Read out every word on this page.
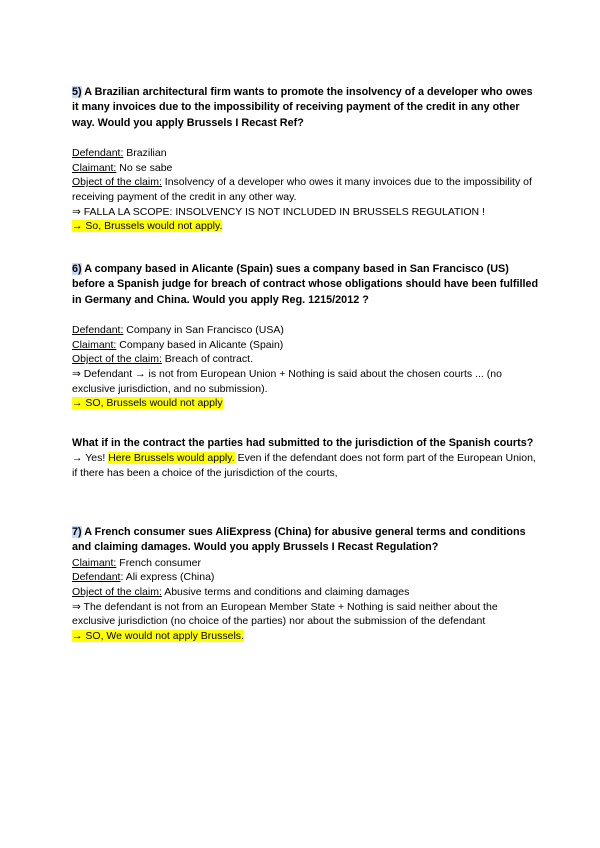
5) A Brazilian architectural firm wants to promote the insolvency of a developer who owes it many invoices due to the impossibility of receiving payment of the credit in any other way. Would you apply Brussels I Recast Ref?

Defendant: Brazilian

Claimant: No se sabe

Object of the claim: Insolvency of a developer who owes it many invoices due to the impossibility of receiving payment of the credit in any other way.

⇒ FALLA LA SCOPE: INSOLVENCY IS NOT INCLUDED IN BRUSSELS REGULATION !

→ So, Brussels would not apply.

6) A company based in Alicante (Spain) sues a company based in San Francisco (US) before a Spanish judge for breach of contract whose obligations should have been fulfilled in Germany and China. Would you apply Reg. 1215/2012 ?

Defendant: Company in San Francisco (USA)

Claimant: Company based in Alicante (Spain)

Object of the claim: Breach of contract.

⇒ Defendant → is not from European Union + Nothing is said about the chosen courts ... (no exclusive jurisdiction, and no submission).

→ SO, Brussels would not apply

What if in the contract the parties had submitted to the jurisdiction of the Spanish courts?

→ Yes! Here Brussels would apply. Even if the defendant does not form part of the European Union, if there has been a choice of the jurisdiction of the courts,

7) A French consumer sues AliExpress (China) for abusive general terms and conditions and claiming damages. Would you apply Brussels I Recast Regulation?

Claimant: French consumer

Defendant: Ali express (China)

Object of the claim: Abusive terms and conditions and claiming damages

⇒ The defendant is not from an European Member State + Nothing is said neither about the exclusive jurisdiction (no choice of the parties) nor about the submission of the defendant

→ SO, We would not apply Brussels.
